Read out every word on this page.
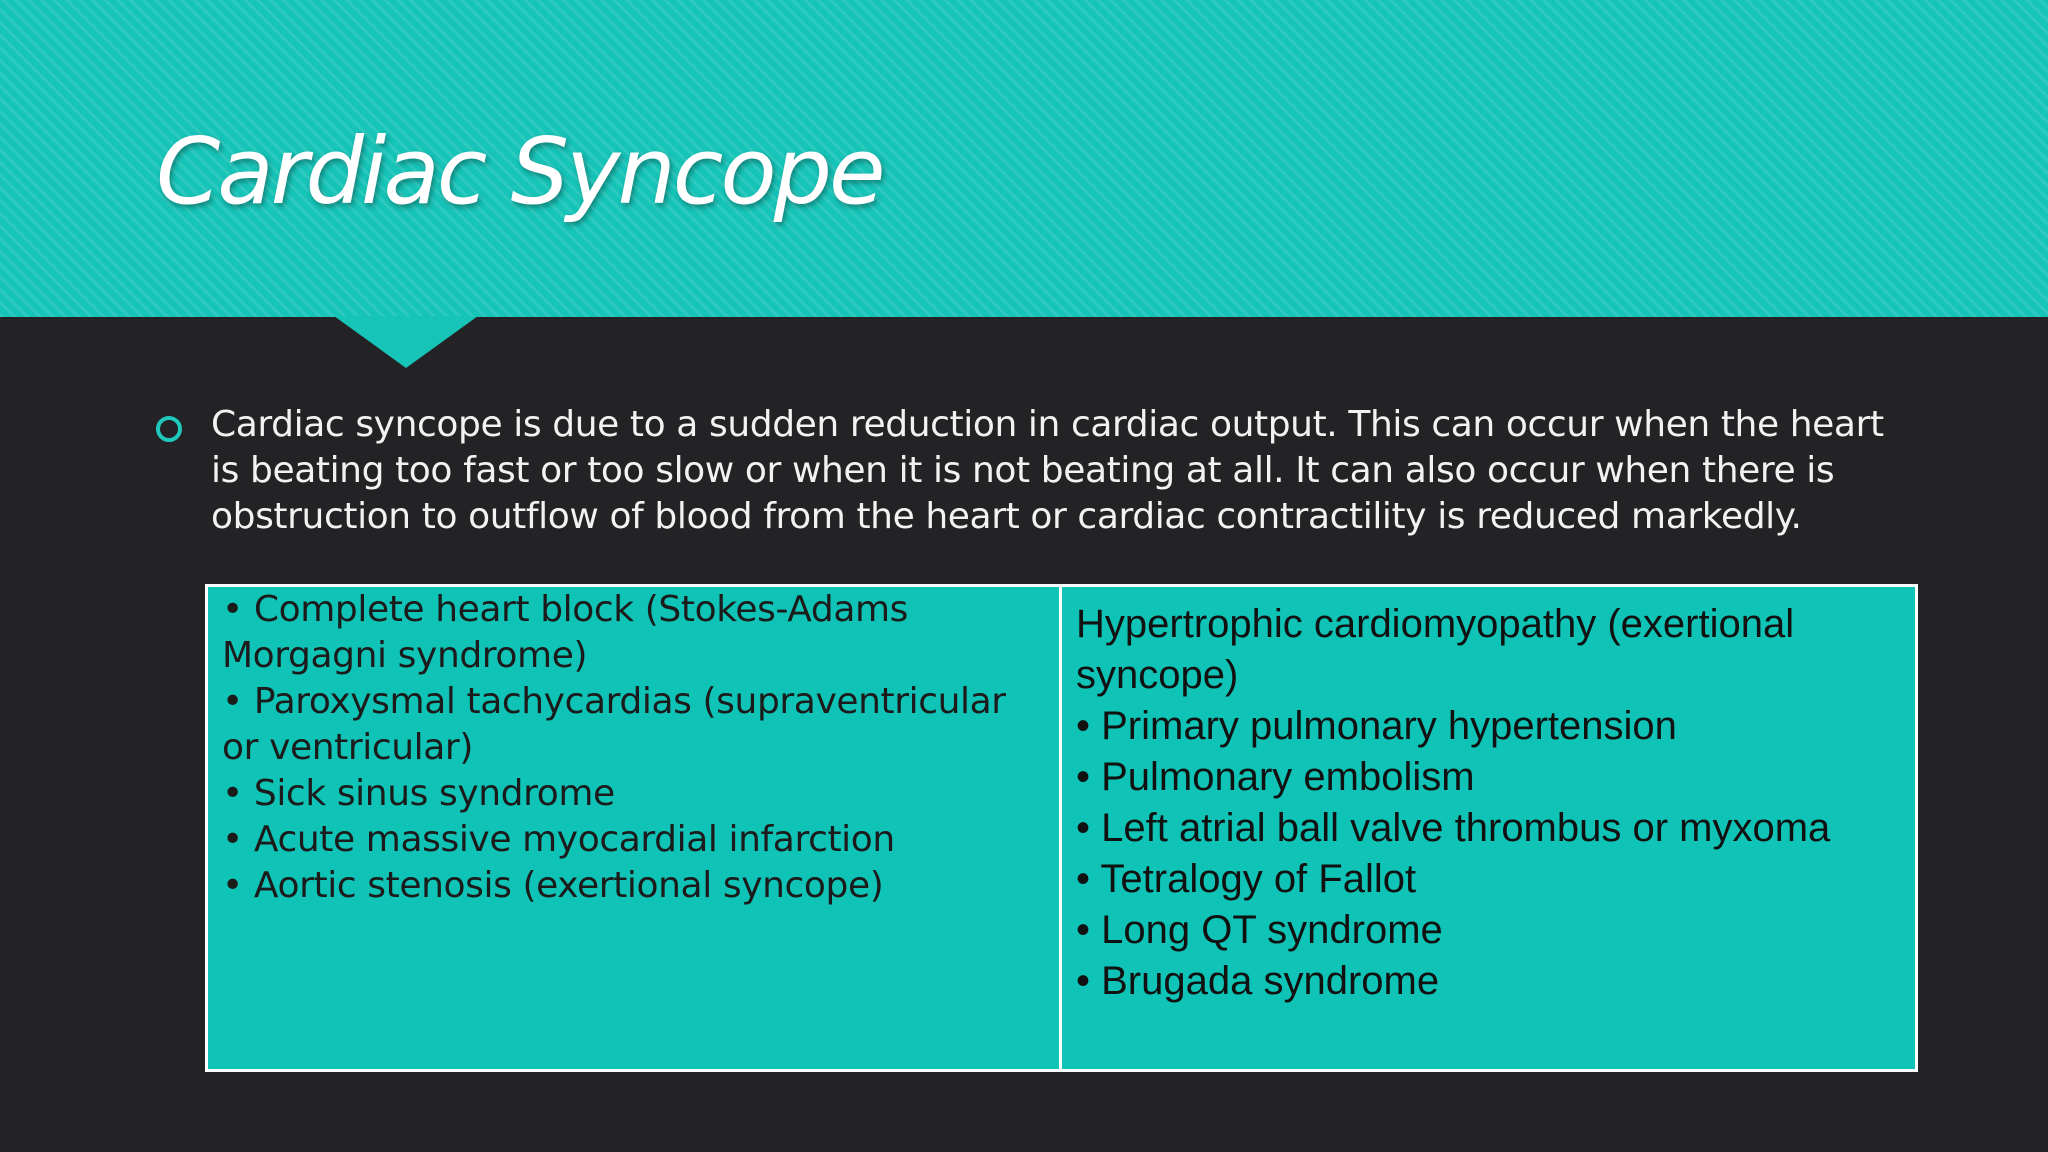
Cardiac Syncope

Cardiac syncope is due to a sudden reduction in cardiac output. This can occur when the heart is beating too fast or too slow or when it is not beating at all. It can also occur when there is obstruction to outflow of blood from the heart or cardiac contractility is reduced markedly.

• Complete heart block (Stokes-Adams Morgagni syndrome)
• Paroxysmal tachycardias (supraventricular or ventricular)
• Sick sinus syndrome
• Acute massive myocardial infarction
• Aortic stenosis (exertional syncope)

Hypertrophic cardiomyopathy (exertional syncope)
• Primary pulmonary hypertension
• Pulmonary embolism
• Left atrial ball valve thrombus or myxoma
• Tetralogy of Fallot
• Long QT syndrome
• Brugada syndrome
